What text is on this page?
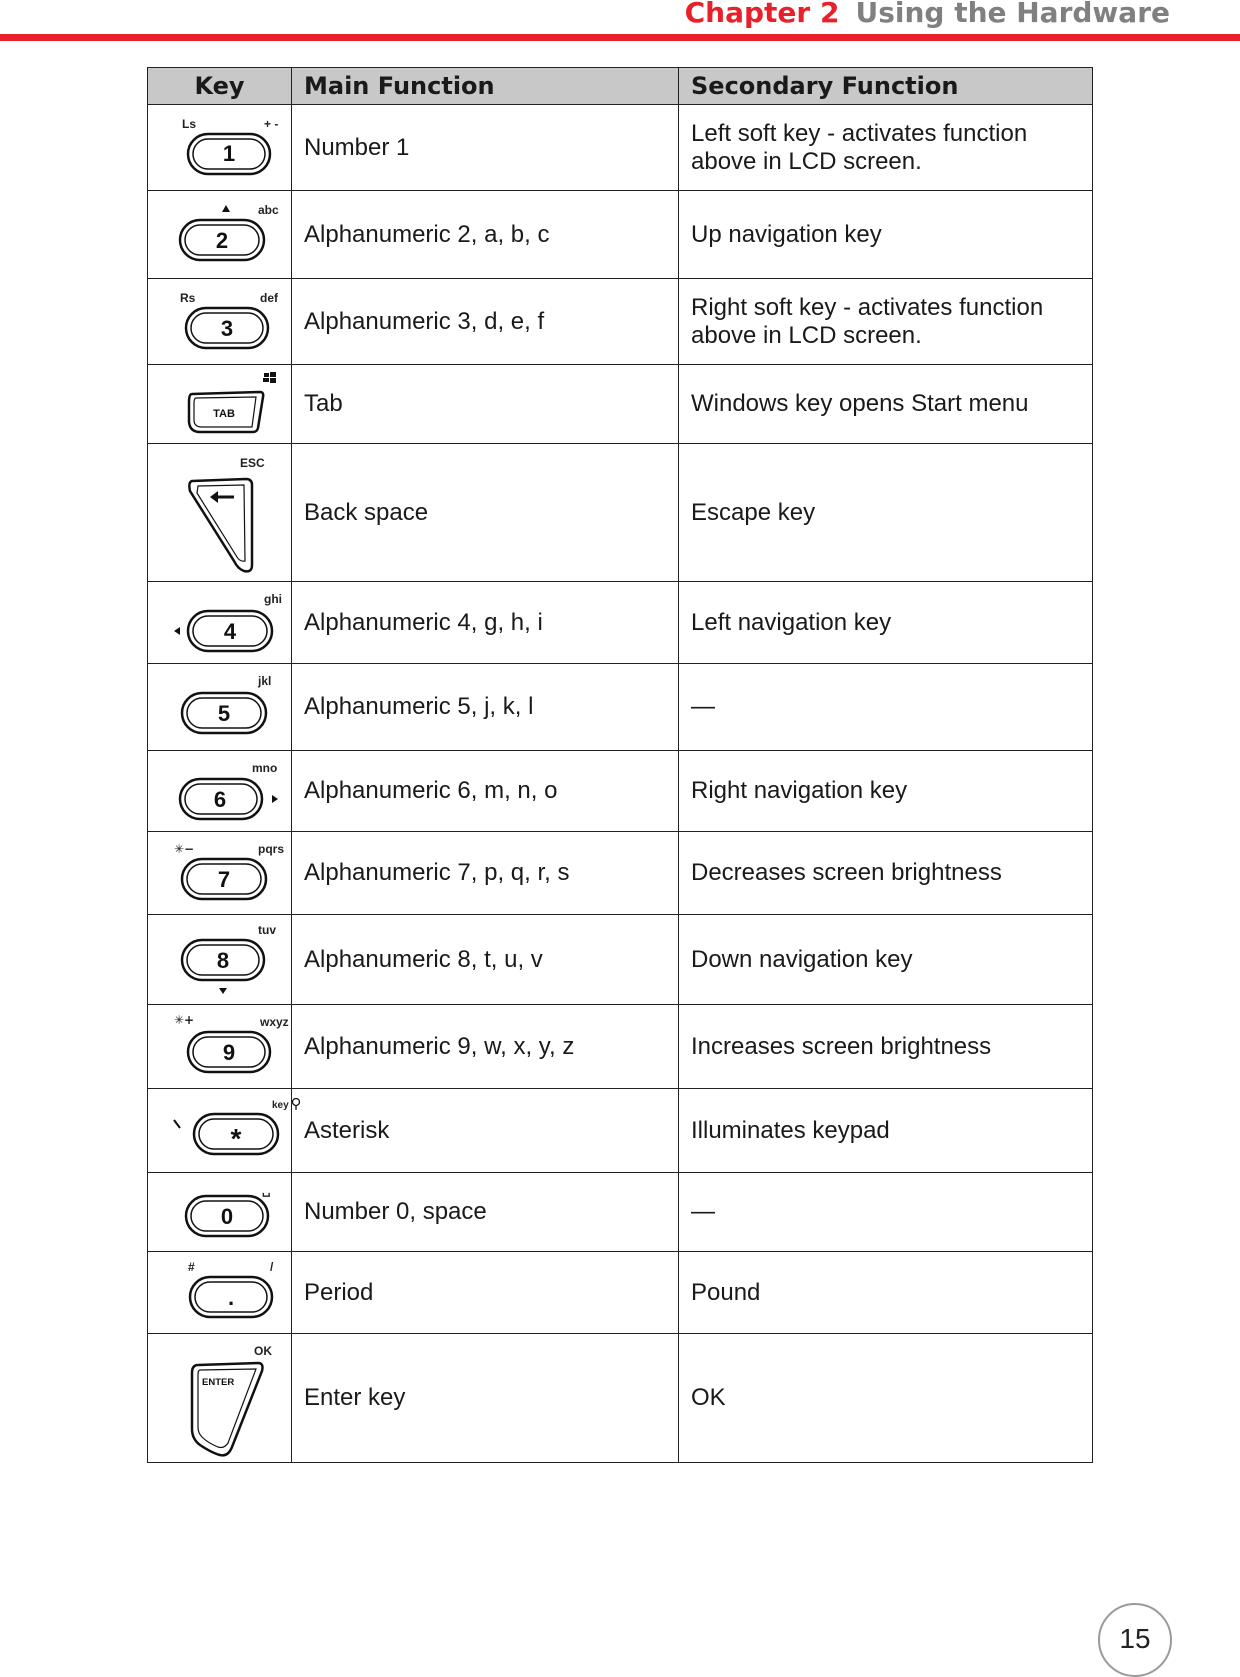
Chapter 2 Using the Hardware
Key	Main Function	Secondary Function

Ls + -
1	Number 1	Left soft key - activates function above in LCD screen.

abc
2	Alphanumeric 2, a, b, c	Up navigation key

Rs def
3	Alphanumeric 3, d, e, f	Right soft key - activates function above in LCD screen.

TAB	Tab	Windows key opens Start menu

ESC	Back space	Escape key

ghi
4	Alphanumeric 4, g, h, i	Left navigation key

jkl
5	Alphanumeric 5, j, k, l	—

mno
6	Alphanumeric 6, m, n, o	Right navigation key

✳− pqrs
7	Alphanumeric 7, p, q, r, s	Decreases screen brightness

tuv
8	Alphanumeric 8, t, u, v	Down navigation key

✳+ wxyz
9	Alphanumeric 9, w, x, y, z	Increases screen brightness

key
*	Asterisk	Illuminates keypad

␣
0	Number 0, space	—

# /
.	Period	Pound

OK
ENTER	Enter key	OK
15
